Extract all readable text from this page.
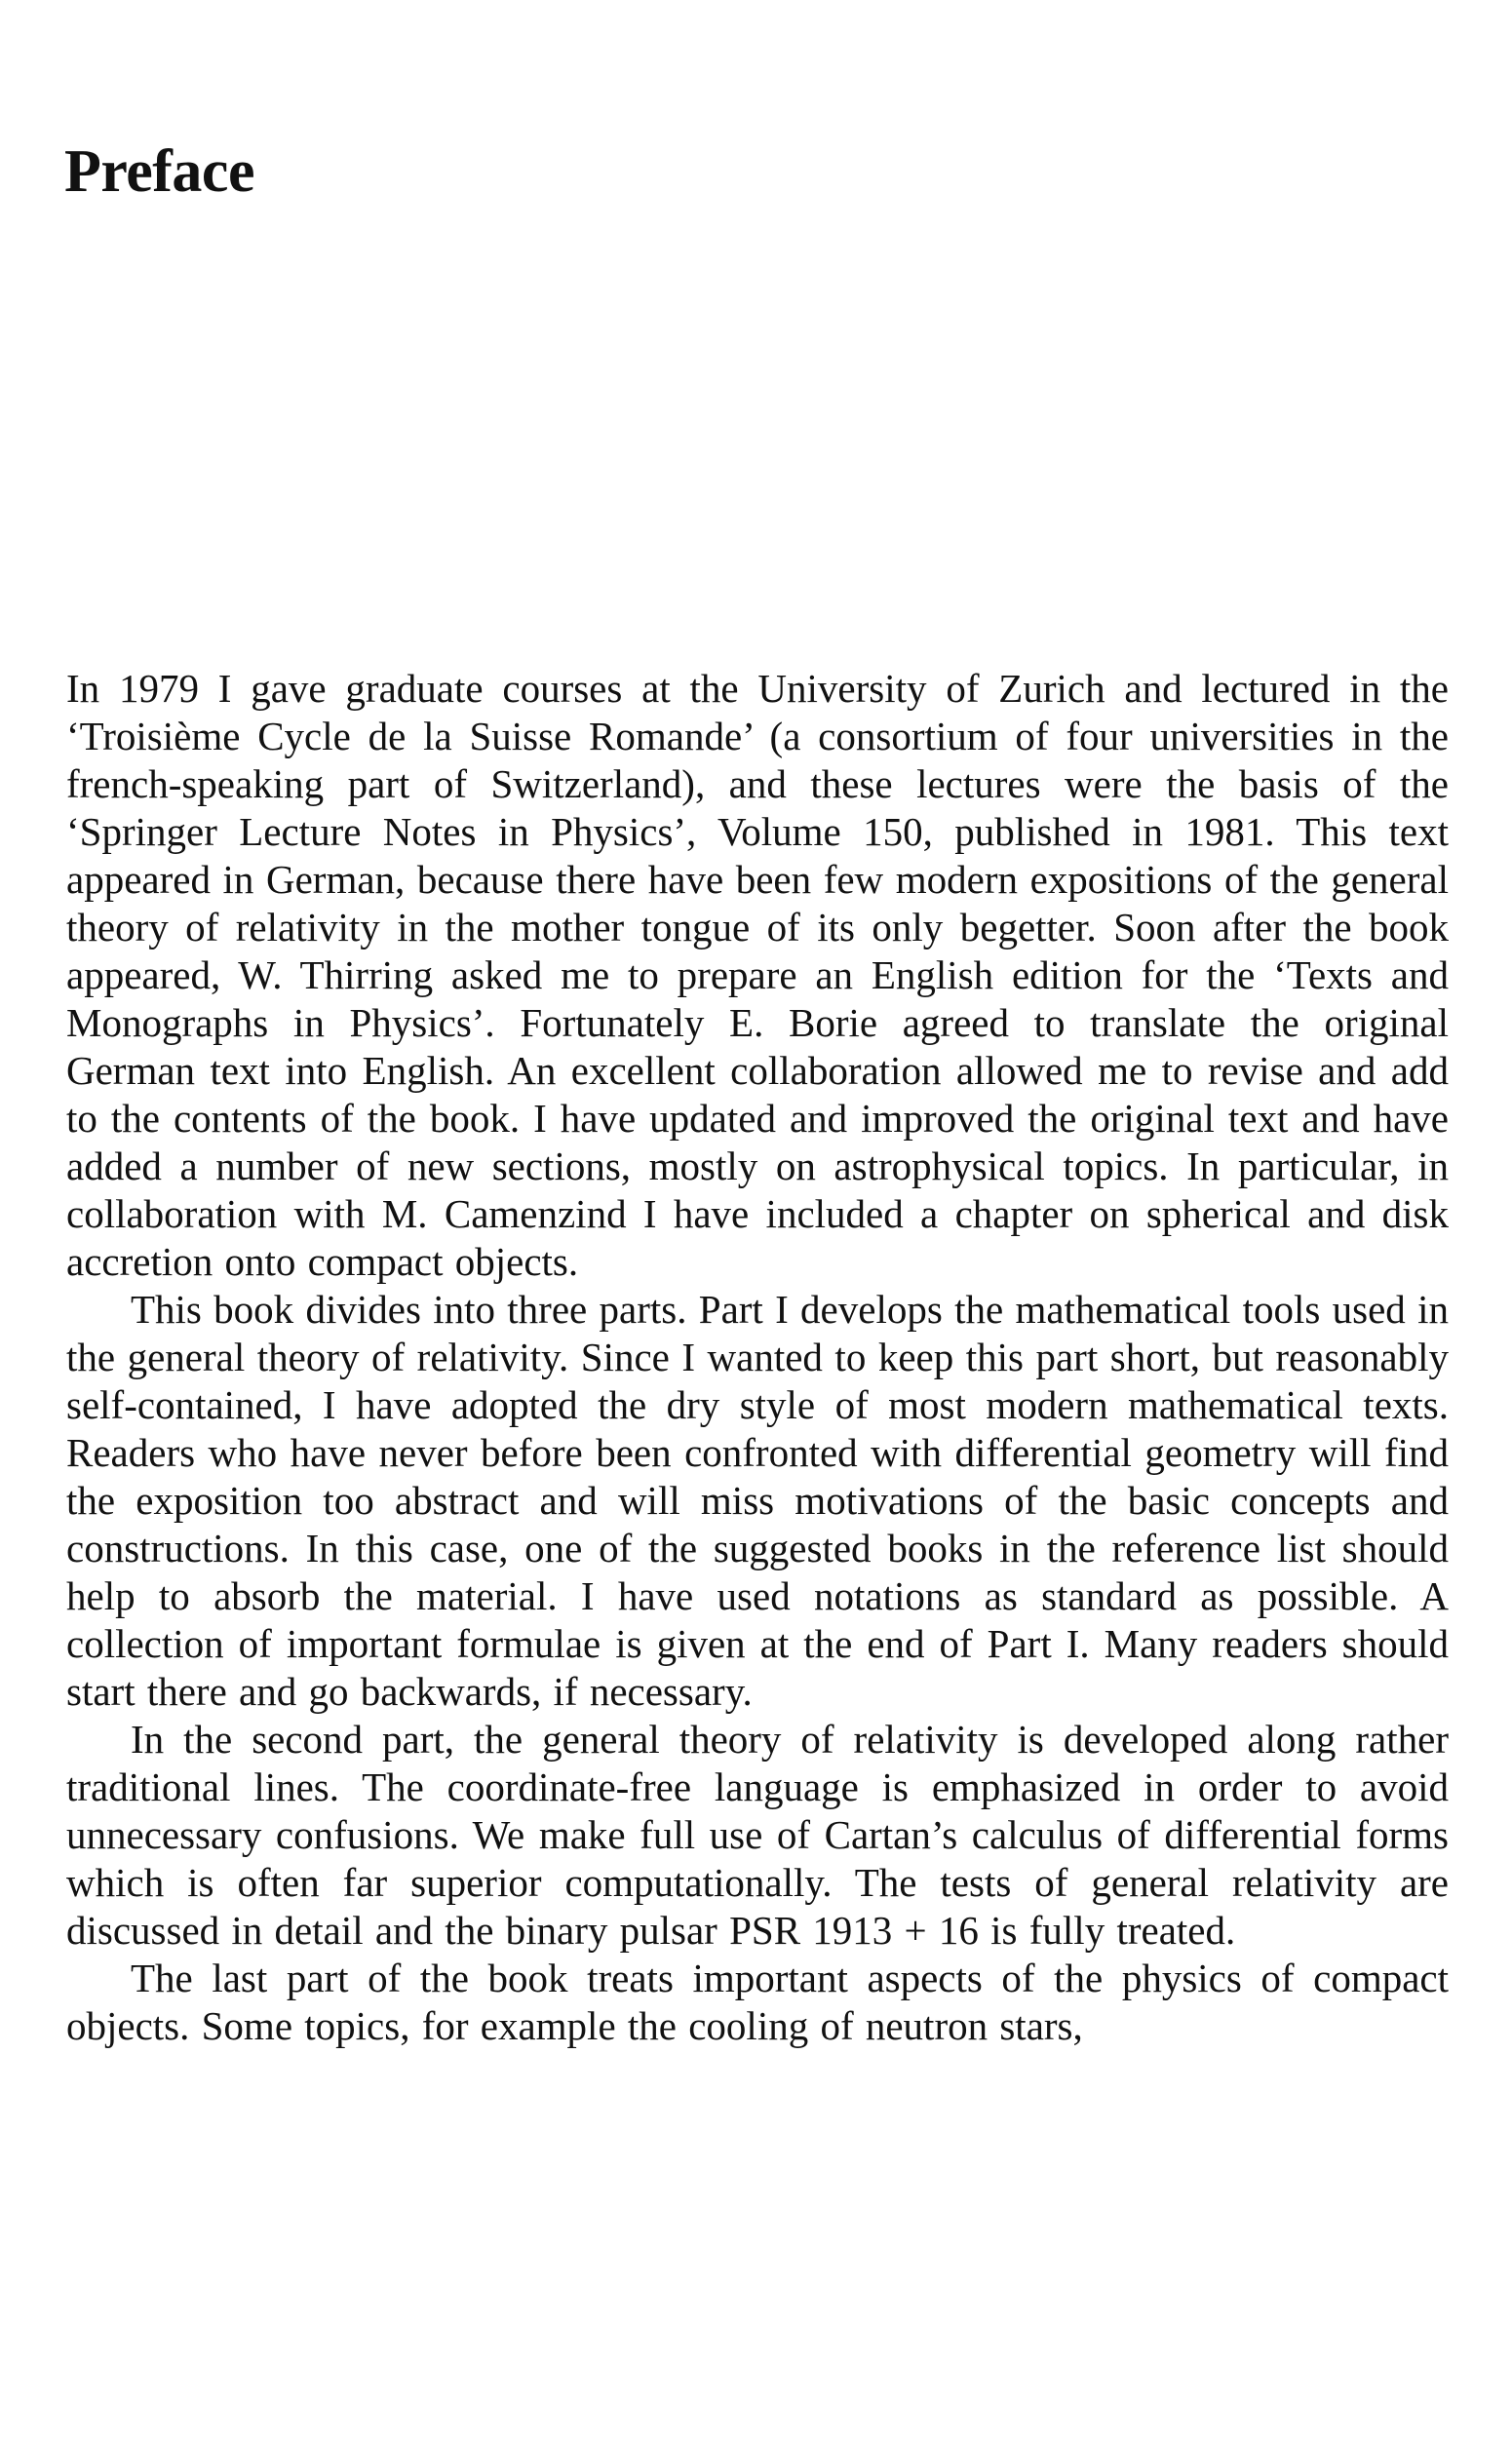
Preface

In 1979 I gave graduate courses at the University of Zurich and lectured in the ‘Troisième Cycle de la Suisse Romande’ (a consortium of four universities in the french-speaking part of Switzerland), and these lectures were the basis of the ‘Springer Lecture Notes in Physics’, Volume 150, published in 1981. This text appeared in German, because there have been few modern expositions of the general theory of relativity in the mother tongue of its only begetter. Soon after the book appeared, W. Thirring asked me to prepare an English edition for the ‘Texts and Monographs in Physics’. Fortunately E. Borie agreed to translate the original German text into English. An excellent collaboration allowed me to revise and add to the contents of the book. I have updated and improved the original text and have added a number of new sections, mostly on astrophysical topics. In particular, in collaboration with M. Camenzind I have included a chapter on spherical and disk accretion onto compact objects.

This book divides into three parts. Part I develops the mathematical tools used in the general theory of relativity. Since I wanted to keep this part short, but reasonably self-contained, I have adopted the dry style of most modern mathematical texts. Readers who have never before been confronted with differential geometry will find the exposition too abstract and will miss motivations of the basic concepts and constructions. In this case, one of the suggested books in the reference list should help to absorb the material. I have used notations as standard as possible. A collection of important formulae is given at the end of Part I. Many readers should start there and go backwards, if necessary.

In the second part, the general theory of relativity is developed along rather traditional lines. The coordinate-free language is emphasized in order to avoid unnecessary confusions. We make full use of Cartan’s calculus of differential forms which is often far superior computationally. The tests of general relativity are discussed in detail and the binary pulsar PSR 1913 + 16 is fully treated.

The last part of the book treats important aspects of the physics of compact objects. Some topics, for example the cooling of neutron stars,
